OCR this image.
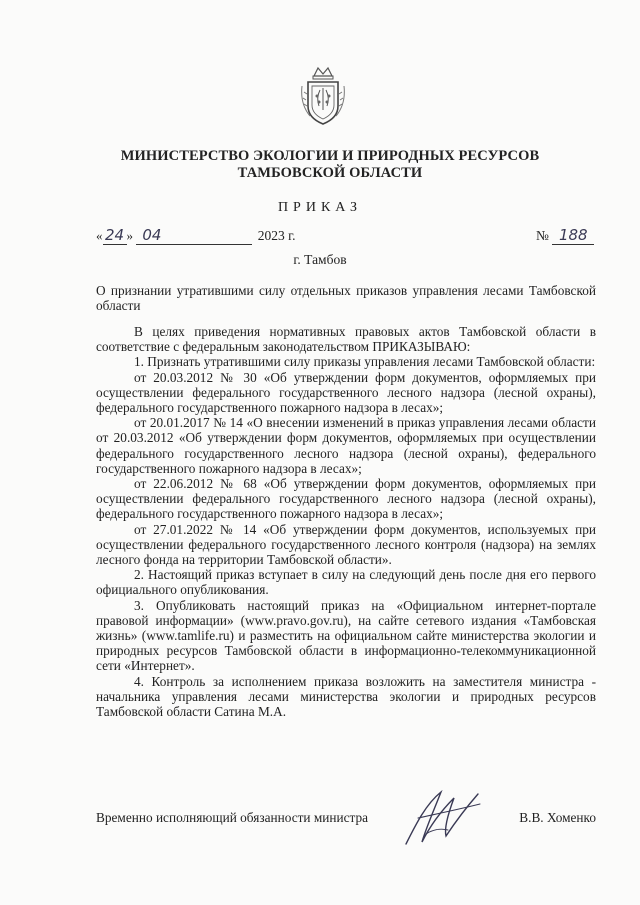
МИНИСТЕРСТВО ЭКОЛОГИИ И ПРИРОДНЫХ РЕСУРСОВ
ТАМБОВСКОЙ ОБЛАСТИ
ПРИКАЗ
« 24 » 04	2023 г.	№ 188
г. Тамбов
О признании утратившими силу отдельных приказов управления лесами Тамбовской области

В целях приведения нормативных правовых актов Тамбовской области в соответствие с федеральным законодательством ПРИКАЗЫВАЮ:

1. Признать утратившими силу приказы управления лесами Тамбовской области:

от 20.03.2012 № 30 «Об утверждении форм документов, оформляемых при осуществлении федерального государственного лесного надзора (лесной охраны), федерального государственного пожарного надзора в лесах»;

от 20.01.2017 № 14 «О внесении изменений в приказ управления лесами области от 20.03.2012 «Об утверждении форм документов, оформляемых при осуществлении федерального государственного лесного надзора (лесной охраны), федерального государственного пожарного надзора в лесах»;

от 22.06.2012 № 68 «Об утверждении форм документов, оформляемых при осуществлении федерального государственного лесного надзора (лесной охраны), федерального государственного пожарного надзора в лесах»;

от 27.01.2022 № 14 «Об утверждении форм документов, используемых при осуществлении федерального государственного лесного контроля (надзора) на землях лесного фонда на территории Тамбовской области».

2. Настоящий приказ вступает в силу на следующий день после дня его первого официального опубликования.

3. Опубликовать настоящий приказ на «Официальном интернет-портале правовой информации» (www.pravo.gov.ru), на сайте сетевого издания «Тамбовская жизнь» (www.tamlife.ru) и разместить на официальном сайте министерства экологии и природных ресурсов Тамбовской области в информационно-телекоммуникационной сети «Интернет».

4. Контроль за исполнением приказа возложить на заместителя министра - начальника управления лесами министерства экологии и природных ресурсов Тамбовской области Сатина М.А.

Временно исполняющий обязанности министра	В.В. Хоменко
